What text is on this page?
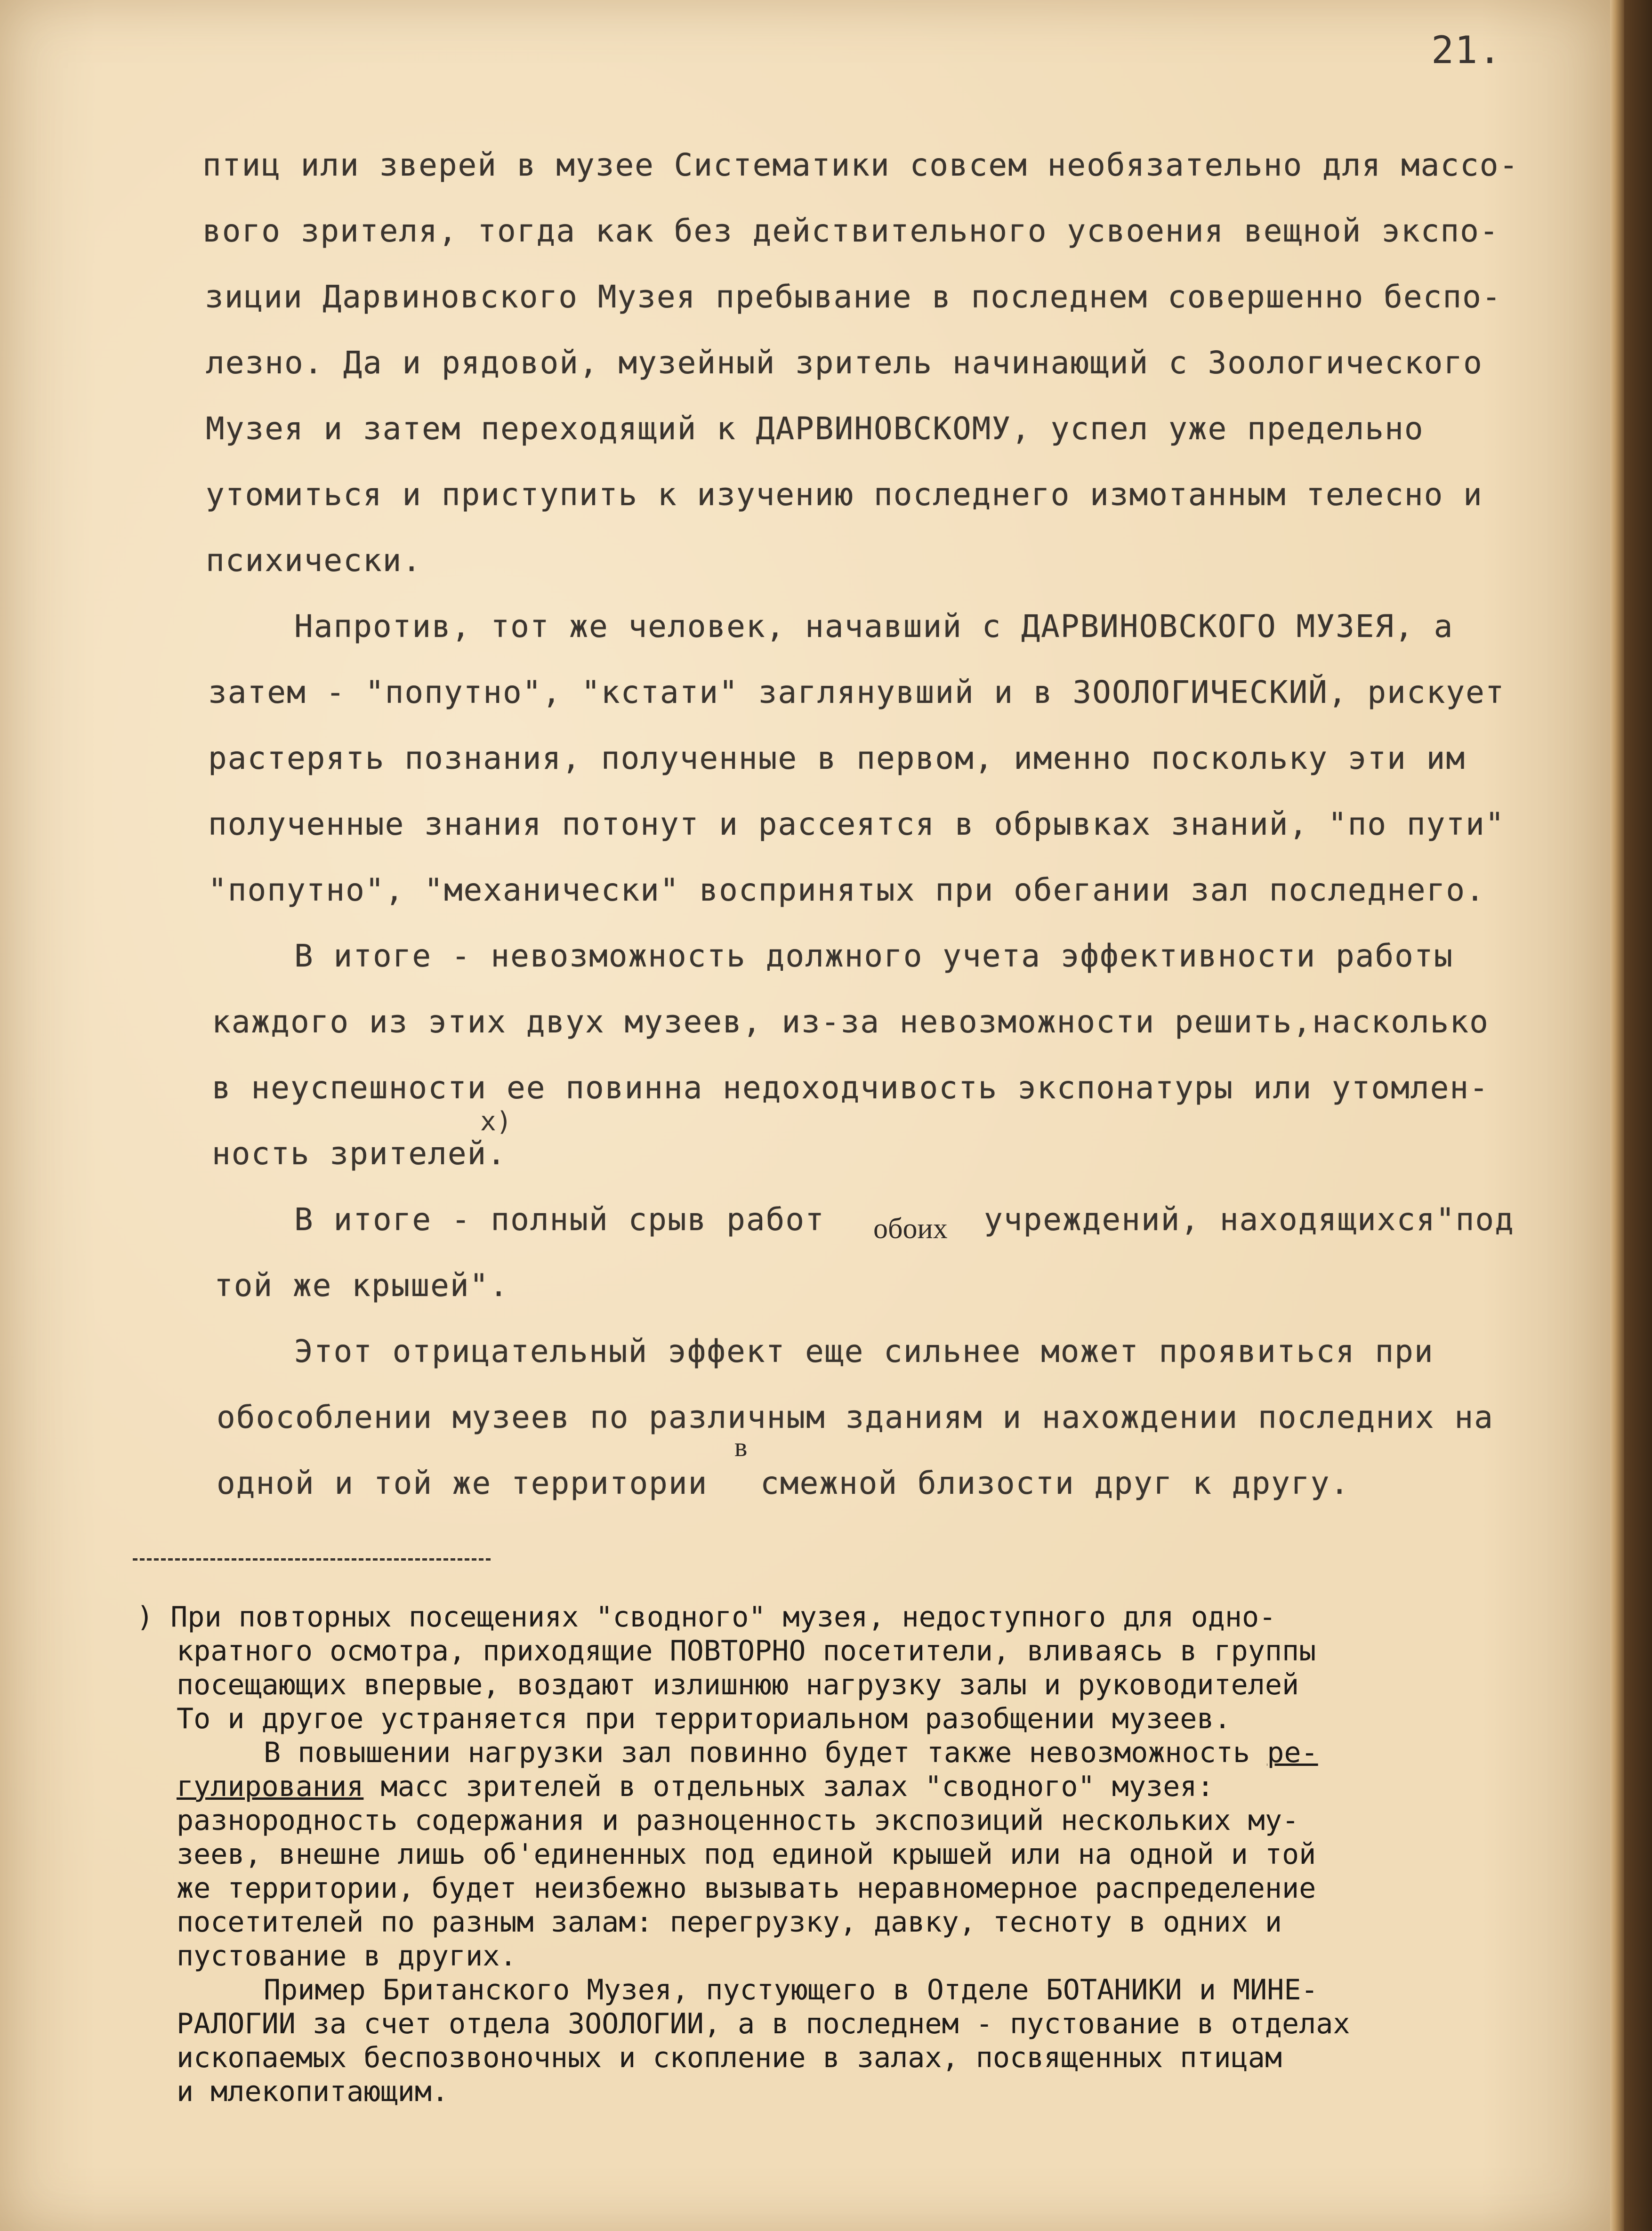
21.
птиц или зверей в музее Систематики совсем необязательно для массо-
вого зрителя, тогда как без действительного усвоения вещной экспо-
зиции Дарвиновского Музея пребывание в последнем совершенно беспо-
лезно. Да и рядовой, музейный зритель начинающий с Зоологического
Музея и затем переходящий к ДАРВИНОВСКОМУ, успел уже предельно
утомиться и приступить к изучению последнего измотанным телесно и
психически.
Напротив, тот же человек, начавший с ДАРВИНОВСКОГО МУЗЕЯ, а
затем - "попутно", "кстати" заглянувший и в ЗООЛОГИЧЕСКИЙ, рискует
растерять познания, полученные в первом, именно поскольку эти им
полученные знания потонут и рассеятся в обрывках знаний, "по пути"
"попутно", "механически" воспринятых при обегании зал последнего.
В итоге - невозможность должного учета эффективности работы
каждого из этих двух музеев, из-за невозможности решить,насколько
в неуспешности ее повинна недоходчивость экспонатуры или утомлен-
x)
ность зрителей.
В итоге - полный срыв работ обоих учреждений, находящихся"под
той же крышей".
Этот отрицательный эффект еще сильнее может проявиться при
обособлении музеев по различным зданиям и нахождении последних на
одной и той же территории
в
смежной близости друг к другу.
) При повторных посещениях "сводного" музея, недоступного для одно-
кратного осмотра, приходящие ПОВТОРНО посетители, вливаясь в группы
посещающих впервые, воздают излишнюю нагрузку залы и руководителей
То и другое устраняется при территориальном разобщении музеев.
В повышении нагрузки зал повинно будет также невозможность ре-
гулирования масс зрителей в отдельных залах "сводного" музея:
разнородность содержания и разноценность экспозиций нескольких му-
зеев, внешне лишь об'единенных под единой крышей или на одной и той
же территории, будет неизбежно вызывать неравномерное распределение
посетителей по разным залам: перегрузку, давку, тесноту в одних и
пустование в других.
Пример Британского Музея, пустующего в Отделе БОТАНИКИ и МИНЕ-
РАЛОГИИ за счет отдела ЗООЛОГИИ, а в последнем - пустование в отделах
ископаемых беспозвоночных и скопление в залах, посвященных птицам
и млекопитающим.
